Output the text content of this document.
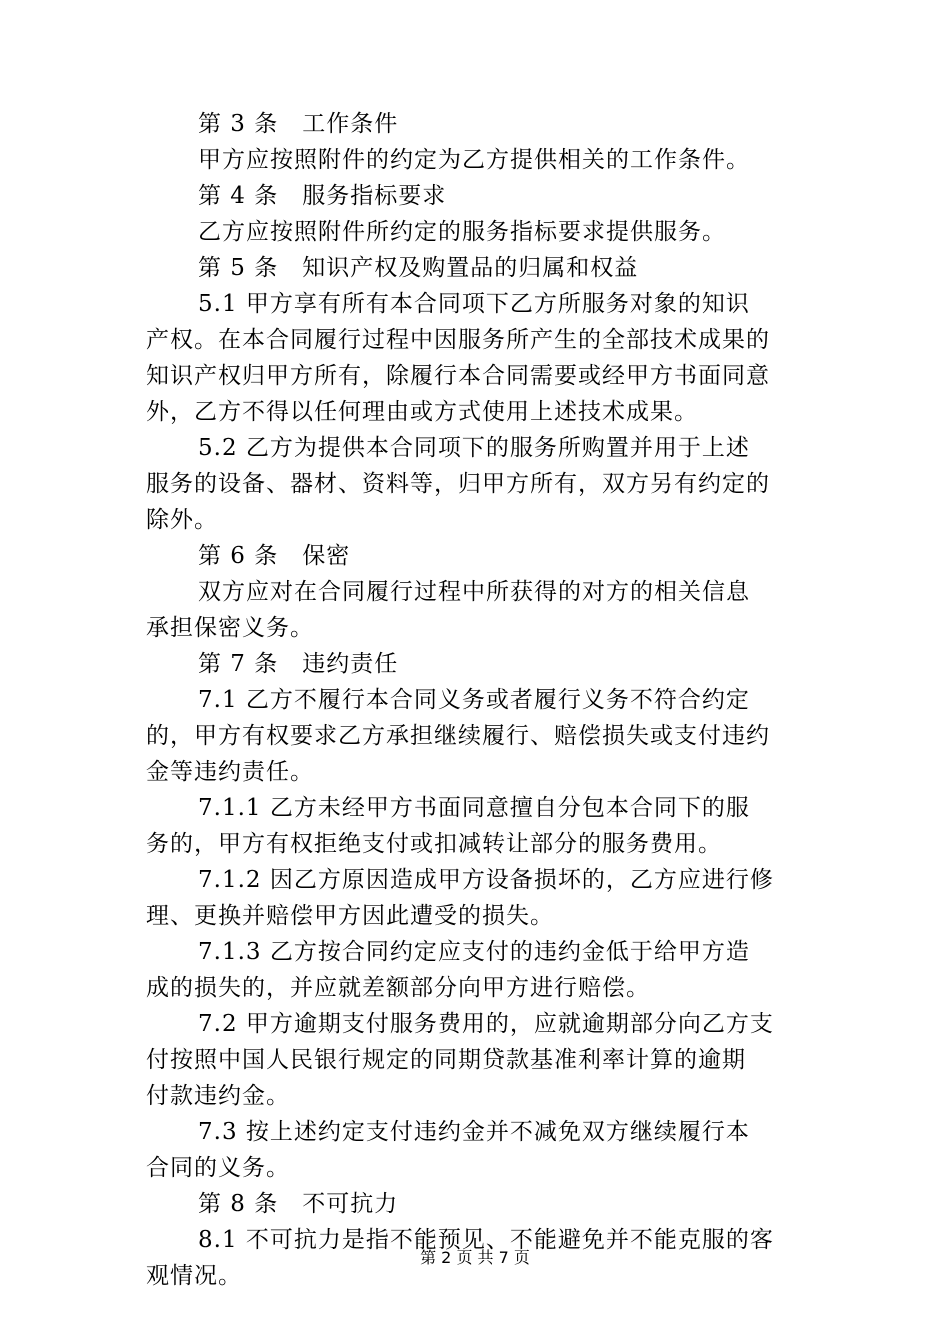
第 3 条　工作条件
甲方应按照附件的约定为乙方提供相关的工作条件。
第 4 条　服务指标要求
乙方应按照附件所约定的服务指标要求提供服务。
第 5 条　知识产权及购置品的归属和权益
5.1 甲方享有所有本合同项下乙方所服务对象的知识
产权。在本合同履行过程中因服务所产生的全部技术成果的
知识产权归甲方所有，除履行本合同需要或经甲方书面同意
外，乙方不得以任何理由或方式使用上述技术成果。
5.2 乙方为提供本合同项下的服务所购置并用于上述
服务的设备、器材、资料等，归甲方所有，双方另有约定的
除外。
第 6 条　保密
双方应对在合同履行过程中所获得的对方的相关信息
承担保密义务。
第 7 条　违约责任
7.1 乙方不履行本合同义务或者履行义务不符合约定
的，甲方有权要求乙方承担继续履行、赔偿损失或支付违约
金等违约责任。
7.1.1 乙方未经甲方书面同意擅自分包本合同下的服
务的，甲方有权拒绝支付或扣减转让部分的服务费用。
7.1.2 因乙方原因造成甲方设备损坏的，乙方应进行修
理、更换并赔偿甲方因此遭受的损失。
7.1.3 乙方按合同约定应支付的违约金低于给甲方造
成的损失的，并应就差额部分向甲方进行赔偿。
7.2 甲方逾期支付服务费用的，应就逾期部分向乙方支
付按照中国人民银行规定的同期贷款基准利率计算的逾期
付款违约金。
7.3 按上述约定支付违约金并不减免双方继续履行本
合同的义务。
第 8 条　不可抗力
8.1 不可抗力是指不能预见、不能避免并不能克服的客
观情况。
第 2 页 共 7 页
